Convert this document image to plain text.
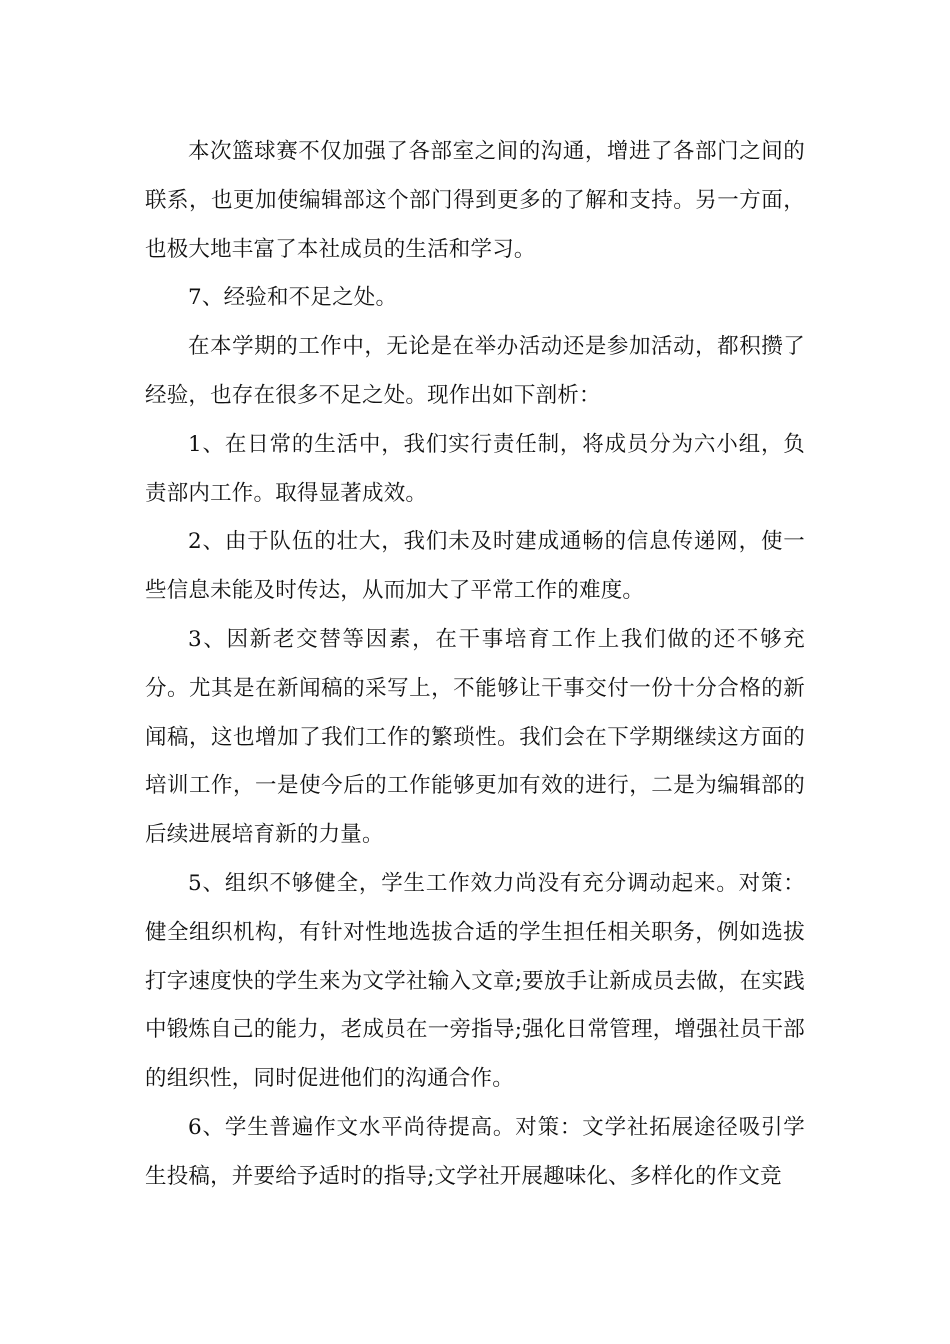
本次篮球赛不仅加强了各部室之间的沟通，增进了各部门之间的联系，也更加使编辑部这个部门得到更多的了解和支持。另一方面，也极大地丰富了本社成员的生活和学习。

7、经验和不足之处。

在本学期的工作中，无论是在举办活动还是参加活动，都积攒了经验，也存在很多不足之处。现作出如下剖析：

1、在日常的生活中，我们实行责任制，将成员分为六小组，负责部内工作。取得显著成效。

2、由于队伍的壮大，我们未及时建成通畅的信息传递网，使一些信息未能及时传达，从而加大了平常工作的难度。

3、因新老交替等因素，在干事培育工作上我们做的还不够充分。尤其是在新闻稿的采写上，不能够让干事交付一份十分合格的新闻稿，这也增加了我们工作的繁琐性。我们会在下学期继续这方面的培训工作，一是使今后的工作能够更加有效的进行，二是为编辑部的后续进展培育新的力量。

5、组织不够健全，学生工作效力尚没有充分调动起来。对策：健全组织机构，有针对性地选拔合适的学生担任相关职务，例如选拔打字速度快的学生来为文学社输入文章;要放手让新成员去做，在实践中锻炼自己的能力，老成员在一旁指导;强化日常管理，增强社员干部的组织性，同时促进他们的沟通合作。

6、学生普遍作文水平尚待提高。对策：文学社拓展途径吸引学生投稿，并要给予适时的指导;文学社开展趣味化、多样化的作文竞
